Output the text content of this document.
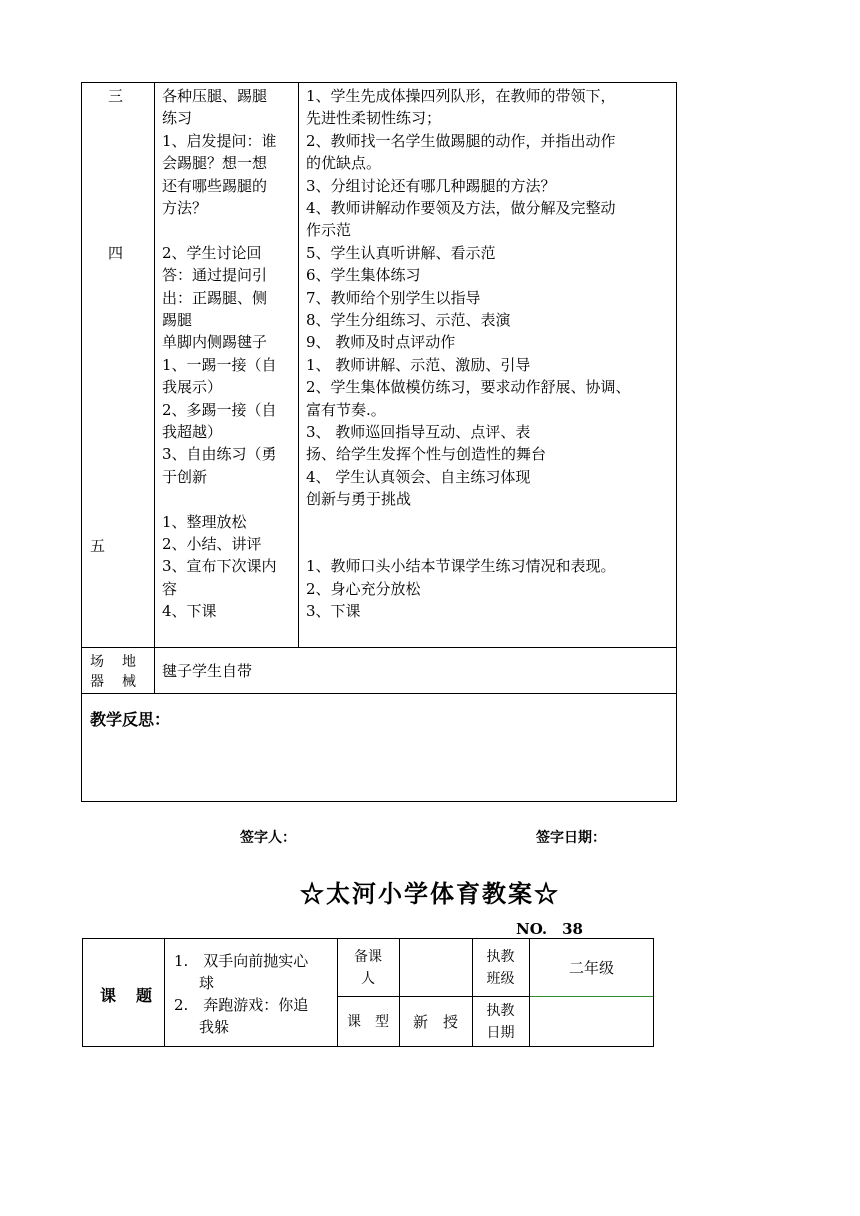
三
四
五
各种压腿、踢腿
练习
1、启发提问：谁
会踢腿？想一想
还有哪些踢腿的
方法？
2、学生讨论回
答：通过提问引
出：正踢腿、侧
踢腿
单脚内侧踢毽子
1、一踢一接（自
我展示）
2、多踢一接（自
我超越）
3、自由练习（勇
于创新
1、整理放松
2、小结、讲评
3、宣布下次课内
容
4、下课
1、学生先成体操四列队形，在教师的带领下，
先进性柔韧性练习；
2、教师找一名学生做踢腿的动作，并指出动作
的优缺点。
3、分组讨论还有哪几种踢腿的方法？
4、教师讲解动作要领及方法，做分解及完整动
作示范
5、学生认真听讲解、看示范
6、学生集体练习
7、教师给个别学生以指导
8、学生分组练习、示范、表演
9、 教师及时点评动作
1、 教师讲解、示范、激励、引导
2、学生集体做模仿练习，要求动作舒展、协调、
富有节奏.。
3、 教师巡回指导互动、点评、表
扬、给学生发挥个性与创造性的舞台
4、 学生认真领会、自主练习体现
创新与勇于挑战
1、教师口头小结本节课学生练习情况和表现。
2、身心充分放松
3、下课
场　地
器　械
毽子学生自带
教学反思：
签字人：	签字日期：
☆太河小学体育教案☆
NO.　38
课　题
1.　双手向前抛实心
球
2.　奔跑游戏：你追
我躲
备课
人
执教
班级
二年级
课　型	新　授
执教
日期
